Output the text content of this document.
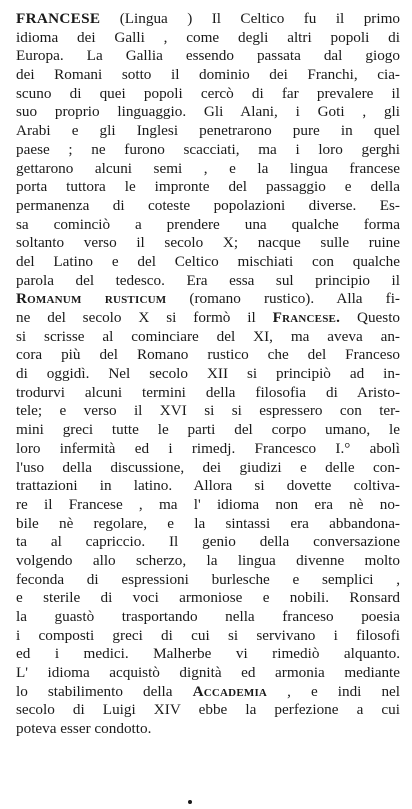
FRANCESE (Lingua ) Il Celtico fu il primo
idioma dei Galli , come degli altri popoli di
Europa. La Gallia essendo passata dal giogo
dei Romani sotto il dominio dei Franchi, cia-
scuno di quei popoli cercò di far prevalere il
suo proprio linguaggio. Gli Alani, i Goti , gli
Arabi e gli Inglesi penetrarono pure in quel
paese ; ne furono scacciati, ma i loro gerghi
gettarono alcuni semi , e la lingua francese
porta tuttora le impronte del passaggio e della
permanenza di coteste popolazioni diverse. Es-
sa cominciò a prendere una qualche forma
soltanto verso il secolo X; nacque sulle ruine
del Latino e del Celtico mischiati con qualche
parola del tedesco. Era essa sul principio il
Romanum rusticum (romano rustico). Alla fi-
ne del secolo X si formò il Francese. Questo
si scrisse al cominciare del XI, ma aveva an-
cora più del Romano rustico che del Franceso
di oggidì. Nel secolo XII si principiò ad in-
trodurvi alcuni termini della filosofia di Aristo-
tele; e verso il XVI si si espressero con ter-
mini greci tutte le parti del corpo umano, le
loro infermità ed i rimedj. Francesco I.° abolì
l'uso della discussione, dei giudizi e delle con-
trattazioni in latino. Allora si dovette coltiva-
re il Francese , ma l' idioma non era nè no-
bile nè regolare, e la sintassi era abbandona-
ta al capriccio. Il genio della conversazione
volgendo allo scherzo, la lingua divenne molto
feconda di espressioni burlesche e semplici ,
e sterile di voci armoniose e nobili. Ronsard
la guastò trasportando nella franceso poesia
i composti greci di cui si servivano i filosofi
ed i medici. Malherbe vi rimediò alquanto.
L' idioma acquistò dignità ed armonia mediante
lo stabilimento della Accademia , e indi nel
secolo di Luigi XIV ebbe la perfezione a cui
poteva esser condotto.
